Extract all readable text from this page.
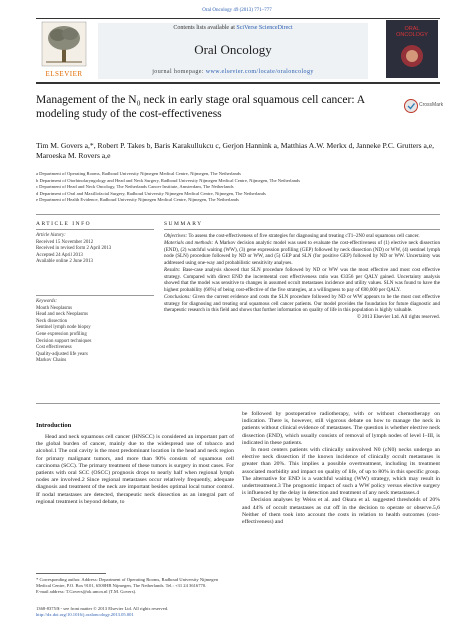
Oral Oncology 49 (2013) 771–777
ELSEVIER
Contents lists available at SciVerse ScienceDirect
Oral Oncology
journal homepage: www.elsevier.com/locate/oraloncology
ORAL ONCOLOGY
Management of the N₀ neck in early stage oral squamous cell cancer: A modeling study of the cost-effectiveness
CrossMark
Tim M. Govers a,*, Robert P. Takes b, Baris Karakullukcu c, Gerjon Hannink a, Matthias A.W. Merkx d, Janneke P.C. Grutters a,e, Maroeska M. Rovers a,e
a Department of Operating Rooms, Radboud University Nijmegen Medical Centre, Nijmegen, The Netherlands
b Department of Otorhinolaryngology and Head and Neck Surgery, Radboud University Nijmegen Medical Centre, Nijmegen, The Netherlands
c Department of Head and Neck Oncology, The Netherlands Cancer Institute, Amsterdam, The Netherlands
d Department of Oral and Maxillofacial Surgery, Radboud University Nijmegen Medical Centre, Nijmegen, The Netherlands
e Department of Health Evidence, Radboud University Nijmegen Medical Centre, Nijmegen, The Netherlands
ARTICLE INFO
Article history:
Received 15 November 2012
Received in revised form 2 April 2013
Accepted 24 April 2013
Available online 2 June 2013
Keywords:
Mouth Neoplasms
Head and neck Neoplasms
Neck dissection
Sentinel lymph node biopsy
Gene expression profiling
Decision support techniques
Cost effectiveness
Quality-adjusted life years
Markov Chains
SUMMARY

Objectives: To assess the cost-effectiveness of five strategies for diagnosing and treating cT1–2N0 oral squamous cell cancer.

Materials and methods: A Markov decision analytic model was used to evaluate the cost-effectiveness of (1) elective neck dissection (END), (2) watchful waiting (WW), (3) gene expression profiling (GEP) followed by neck dissection (ND) or WW, (4) sentinel lymph node (SLN) procedure followed by ND or WW, and (5) GEP and SLN (for positive GEP) followed by ND or WW. Uncertainty was addressed using one-way and probabilistic sensitivity analyses.

Results: Base-case analysis showed that SLN procedure followed by ND or WW was the most effective and most cost effective strategy. Compared with direct END the incremental cost effectiveness ratio was €3356 per QALY gained. Uncertainty analysis showed that the model was sensitive to changes in assumed occult metastases incidence and utility values. SLN was found to have the highest probability (66%) of being cost-effective of the five strategies, at a willingness to pay of €80,000 per QALY.

Conclusions: Given the current evidence and costs the SLN procedure followed by ND or WW appears to be the most cost effective strategy for diagnosing and treating oral squamous cell cancer patients. Our model provides the foundation for future diagnostic and therapeutic research in this field and shows that further information on quality of life in this population is highly valuable.

© 2013 Elsevier Ltd. All rights reserved.

Introduction

Head and neck squamous cell cancer (HNSCC) is considered an important part of the global burden of cancer, mainly due to the widespread use of tobacco and alcohol.1 The oral cavity is the most predominant location in the head and neck region for primary malignant tumors, and more than 90% consists of squamous cell carcinoma (SCC). The primary treatment of these tumors is surgery in most cases. For patients with oral SCC (OSCC) prognosis drops to nearly half when regional lymph nodes are involved.2 Since regional metastases occur relatively frequently, adequate diagnosis and treatment of the neck are important besides optimal local tumor control. If nodal metastases are detected, therapeutic neck dissection as an integral part of regional treatment is beyond debate, to

be followed by postoperative radiotherapy, with or without chemotherapy on indication. There is, however, still vigorous debate on how to manage the neck in patients without clinical evidence of metastases. The question is whether elective neck dissection (END), which usually consists of removal of lymph nodes of level I–III, is indicated in these patients.

In most centers patients with clinically uninvolved N0 (cN0) necks undergo an elective neck dissection if the known incidence of clinically occult metastases is greater than 20%. This implies a possible overtreatment, including its treatment associated morbidity and impact on quality of life, of up to 80% in this specific group. The alternative for END is a watchful waiting (WW) strategy, which may result in undertreatment.3 The prognostic impact of such a WW policy versus elective surgery is influenced by the delay in detection and treatment of any neck metastases.4

Decision analyses by Weiss et al. and Okura et al. suggested thresholds of 20% and 44% of occult metastases as cut off in the decision to operate or observe.5,6 Neither of them took into account the costs in relation to health outcomes (cost-effectiveness) and

* Corresponding author. Address: Department of Operating Rooms, Radboud University Nijmegen Medical Centre, P.O. Box 9101, 6500HB Nijmegen, The Netherlands. Tel.: +31 24 3616770.

E-mail address: T.Govers@ok.umcn.nl (T.M. Govers).

1368-8375/$ - see front matter © 2013 Elsevier Ltd. All rights reserved.
http://dx.doi.org/10.1016/j.oraloncology.2013.05.001
